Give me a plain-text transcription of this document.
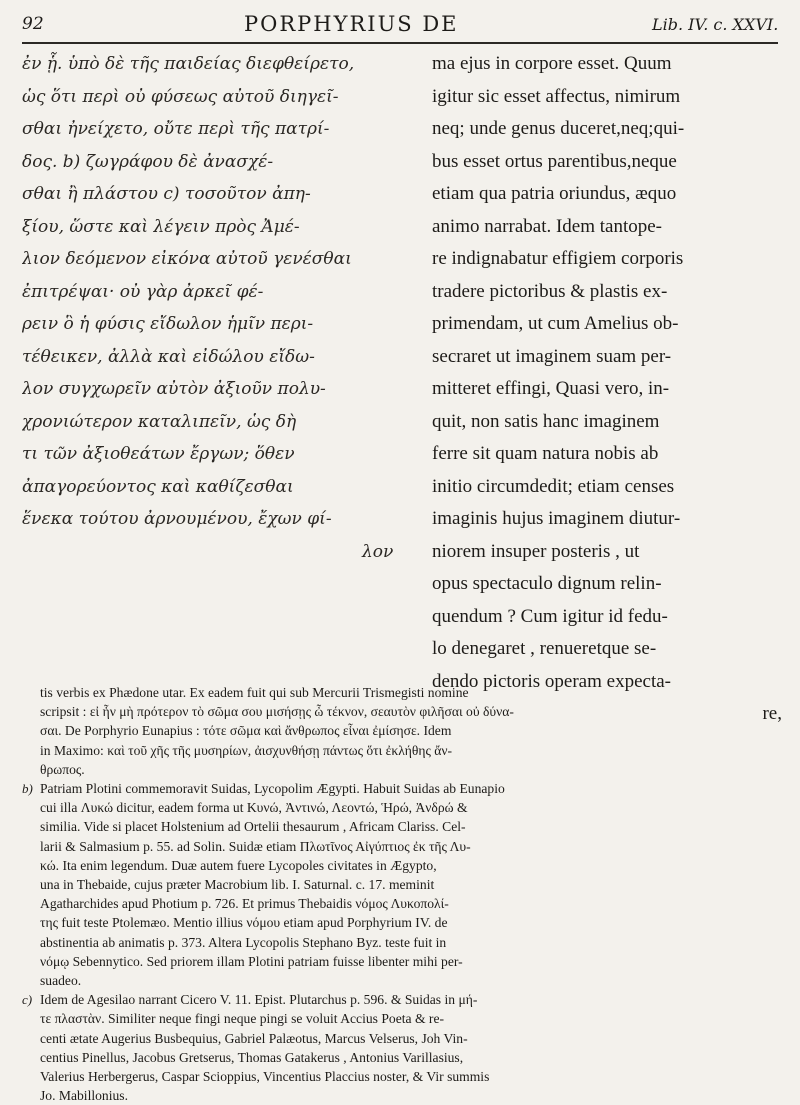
92	PORPHYRIUS DE	Lib. IV. c. XXVI.
ἐν ᾗ. ὑπὸ δὲ τῆς παιδείας διεφθείρετο,
ὡς ὅτι περὶ οὐ φύσεως αὐτοῦ διηγεῖ-
σθαι ἠνείχετο, οὔτε περὶ τῆς πατρί-
δος. b) ζωγράφου δὲ ἀνασχέ-
σθαι ἢ πλάστου c) τοσοῦτον ἀπη-
ξίου, ὥστε καὶ λέγειν πρὸς Ἀμέ-
λιον δεόμενον εἰκόνα αὐτοῦ γενέσθαι
ἐπιτρέψαι· οὐ γὰρ ἀρκεῖ φέ-
ρειν ὃ ἡ φύσις εἴδωλον ἡμῖν περι-
τέθεικεν, ἀλλὰ καὶ εἰδώλου εἴδω-
λον συγχωρεῖν αὐτὸν ἀξιοῦν πολυ-
χρονιώτερον καταλιπεῖν, ὡς δὴ
τι τῶν ἀξιοθεάτων ἔργων; ὅθεν
ἀπαγορεύοντος καὶ καθίζεσθαι
ἕνεκα τούτου ἀρνουμένου, ἔχων φί-
λον
ma ejus in corpore esset. Quum
igitur sic esset affectus, nimirum
neq; unde genus duceret,neq;qui-
bus esset ortus parentibus,neque
etiam qua patria oriundus, æquo
animo narrabat. Idem tantope-
re indignabatur effigiem corporis
tradere pictoribus & plastis ex-
primendam, ut cum Amelius ob-
secraret ut imaginem suam per-
mitteret effingi, Quasi vero, in-
quit, non satis hanc imaginem
ferre sit quam natura nobis ab
initio circumdedit; etiam censes
imaginis hujus imaginem diutur-
niorem insuper posteris , ut
opus spectaculo dignum relin-
quendum ? Cum igitur id fedu-
lo denegaret , renueretque se-
dendo pictoris operam expecta-
re,
tis verbis ex Phædone utar. Ex eadem fuit qui sub Mercurii Trismegisti nomine
scripsit : εἰ ἦν μὴ πρότερον τὸ σῶμα σου μισήσῃς ὦ τέκνον, σεαυτὸν φιλῆσαι οὐ δύνα-
σαι. De Porphyrio Eunapius : τότε σῶμα καὶ ἄνθρωπος εἶναι ἐμίσησε. Idem
in Maximo: καὶ τοῦ χῆς τῆς μυσηρίων, ἀισχυνθήσῃ πάντως ὅτι ἐκλήθης ἄν-
θρωπος.
b) Patriam Plotini commemoravit Suidas, Lycopolim Ægypti. Habuit Suidas ab Eunapio
cui illa Λυκώ dicitur, eadem forma ut Κυνώ, Ἀντινώ, Λεοντώ, Ἡρώ, Ἀνδρώ &
similia. Vide si placet Holstenium ad Ortelii thesaurum , Africam Clariss. Cel-
larii & Salmasium p. 55. ad Solin. Suidæ etiam Πλωτῖνος Αἰγύπτιος ἐκ τῆς Λυ-
κώ. Ita enim legendum. Duæ autem fuere Lycopoles civitates in Ægypto,
una in Thebaide, cujus præter Macrobium lib. I. Saturnal. c. 17. meminit
Agatharchides apud Photium p. 726. Et primus Thebaidis νόμος Λυκοπολί-
της fuit teste Ptolemæo. Mentio illius νόμου etiam apud Porphyrium IV. de
abstinentia ab animatis p. 373. Altera Lycopolis Stephano Byz. teste fuit in
νόμῳ Sebennytico. Sed priorem illam Plotini patriam fuisse libenter mihi per-
suadeo.
c) Idem de Agesilao narrant Cicero V. 11. Epist. Plutarchus p. 596. & Suidas in μή-
τε πλαστὰν. Similiter neque fingi neque pingi se voluit Accius Poeta & re-
centi ætate Augerius Busbequius, Gabriel Palæotus, Marcus Velserus, Joh Vin-
centius Pinellus, Jacobus Gretserus, Thomas Gatakerus , Antonius Varillasius,
Valerius Herbergerus, Caspar Scioppius, Vincentius Placcius noster, & Vir summis
Jo. Mabillonius.
